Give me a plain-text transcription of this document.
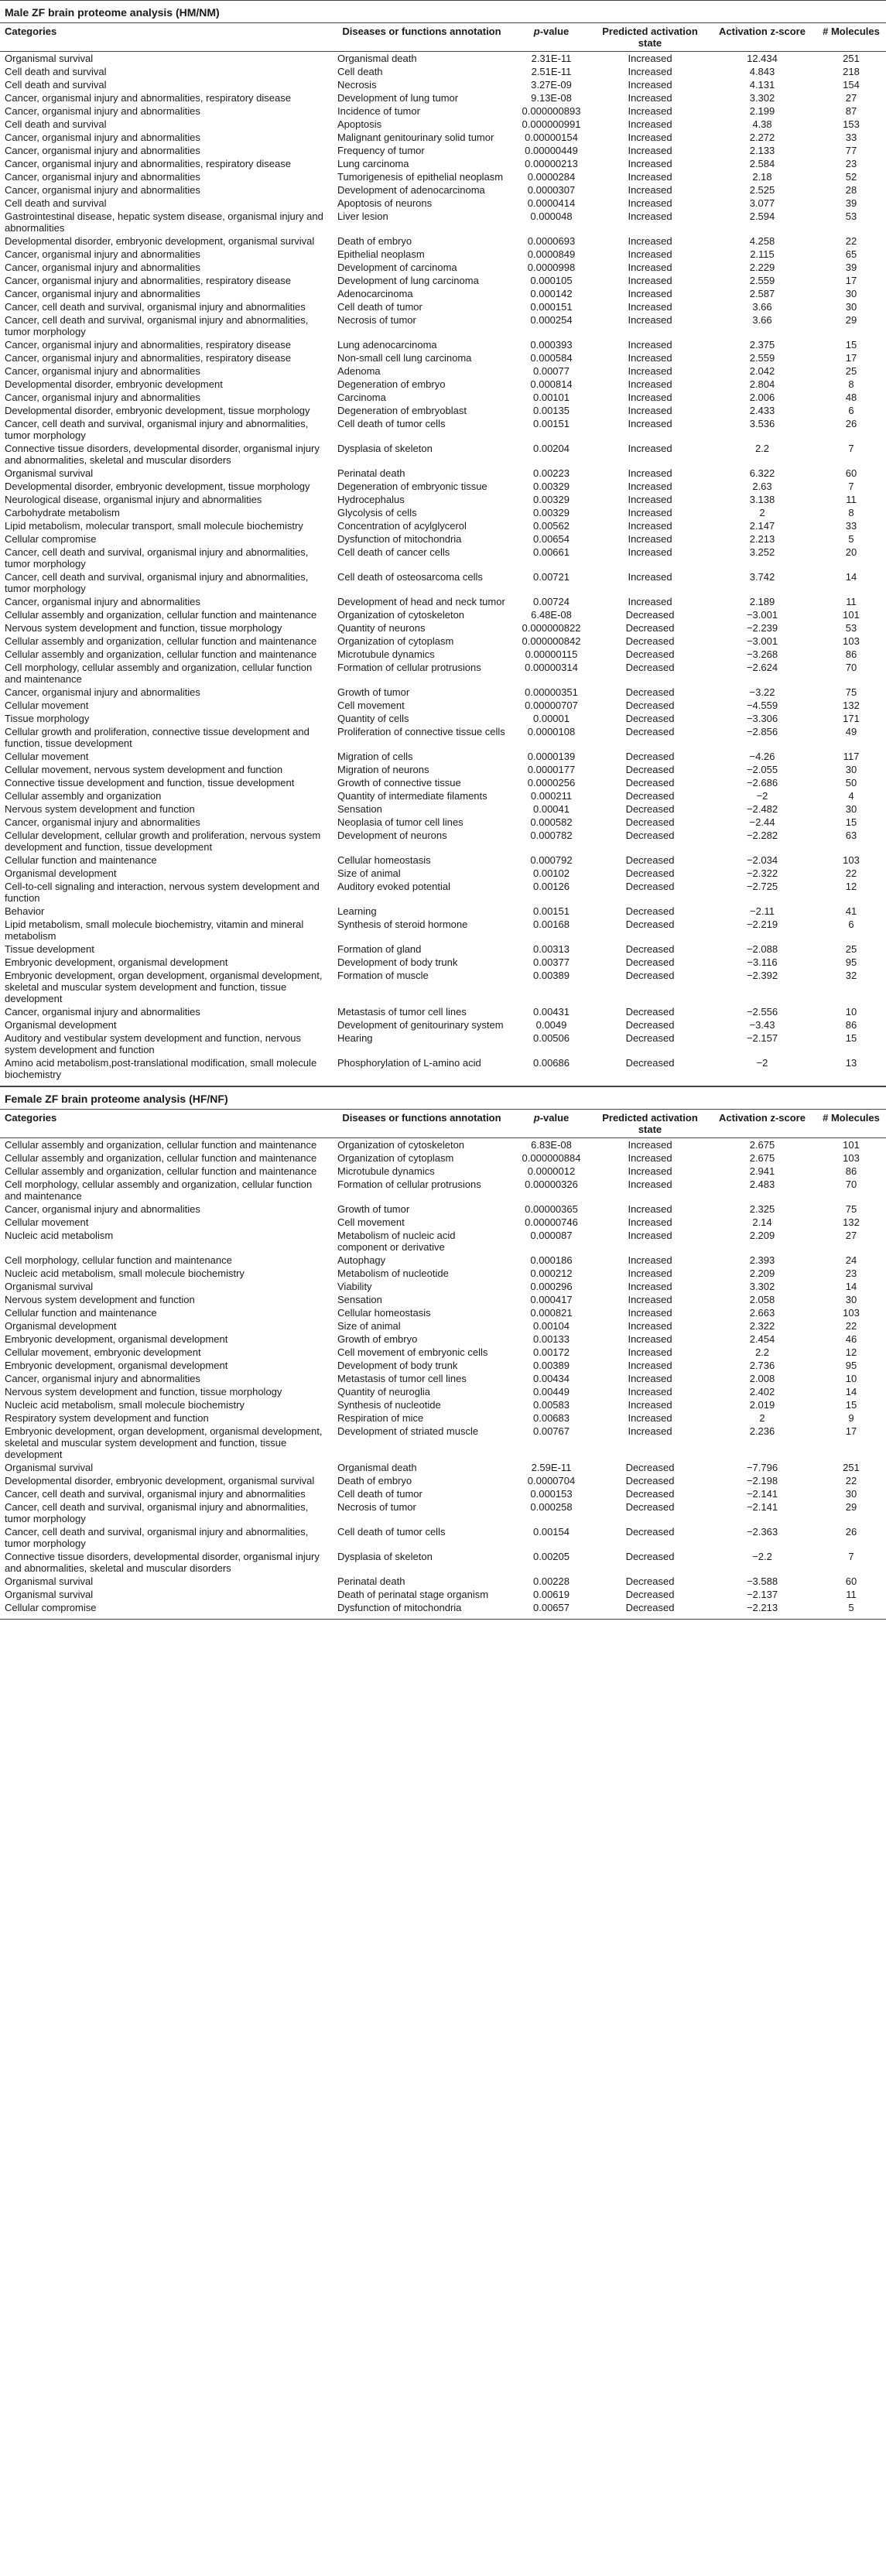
Male ZF brain proteome analysis (HM/NM)
Categories	Diseases or functions annotation	p-value	Predicted activation state	Activation z-score	# Molecules
Organismal survival	Organismal death	2.31E-11	Increased	12.434	251
Cell death and survival	Cell death	2.51E-11	Increased	4.843	218
Cell death and survival	Necrosis	3.27E-09	Increased	4.131	154
Cancer, organismal injury and abnormalities, respiratory disease	Development of lung tumor	9.13E-08	Increased	3.302	27
Cancer, organismal injury and abnormalities	Incidence of tumor	0.000000893	Increased	2.199	87
Cell death and survival	Apoptosis	0.000000991	Increased	4.38	153
Cancer, organismal injury and abnormalities	Malignant genitourinary solid tumor	0.00000154	Increased	2.272	33
Cancer, organismal injury and abnormalities	Frequency of tumor	0.00000449	Increased	2.133	77
Cancer, organismal injury and abnormalities, respiratory disease	Lung carcinoma	0.00000213	Increased	2.584	23
Cancer, organismal injury and abnormalities	Tumorigenesis of epithelial neoplasm	0.0000284	Increased	2.18	52
Cancer, organismal injury and abnormalities	Development of adenocarcinoma	0.0000307	Increased	2.525	28
Cell death and survival	Apoptosis of neurons	0.0000414	Increased	3.077	39
Gastrointestinal disease, hepatic system disease, organismal injury and abnormalities	Liver lesion	0.000048	Increased	2.594	53
Developmental disorder, embryonic development, organismal survival	Death of embryo	0.0000693	Increased	4.258	22
Cancer, organismal injury and abnormalities	Epithelial neoplasm	0.0000849	Increased	2.115	65
Cancer, organismal injury and abnormalities	Development of carcinoma	0.0000998	Increased	2.229	39
Cancer, organismal injury and abnormalities, respiratory disease	Development of lung carcinoma	0.000105	Increased	2.559	17
Cancer, organismal injury and abnormalities	Adenocarcinoma	0.000142	Increased	2.587	30
Cancer, cell death and survival, organismal injury and abnormalities	Cell death of tumor	0.000151	Increased	3.66	30
Cancer, cell death and survival, organismal injury and abnormalities, tumor morphology	Necrosis of tumor	0.000254	Increased	3.66	29
Cancer, organismal injury and abnormalities, respiratory disease	Lung adenocarcinoma	0.000393	Increased	2.375	15
Cancer, organismal injury and abnormalities, respiratory disease	Non-small cell lung carcinoma	0.000584	Increased	2.559	17
Cancer, organismal injury and abnormalities	Adenoma	0.00077	Increased	2.042	25
Developmental disorder, embryonic development	Degeneration of embryo	0.000814	Increased	2.804	8
Cancer, organismal injury and abnormalities	Carcinoma	0.00101	Increased	2.006	48
Developmental disorder, embryonic development, tissue morphology	Degeneration of embryoblast	0.00135	Increased	2.433	6
Cancer, cell death and survival, organismal injury and abnormalities, tumor morphology	Cell death of tumor cells	0.00151	Increased	3.536	26
Connective tissue disorders, developmental disorder, organismal injury and abnormalities, skeletal and muscular disorders	Dysplasia of skeleton	0.00204	Increased	2.2	7
Organismal survival	Perinatal death	0.00223	Increased	6.322	60
Developmental disorder, embryonic development, tissue morphology	Degeneration of embryonic tissue	0.00329	Increased	2.63	7
Neurological disease, organismal injury and abnormalities	Hydrocephalus	0.00329	Increased	3.138	11
Carbohydrate metabolism	Glycolysis of cells	0.00329	Increased	2	8
Lipid metabolism, molecular transport, small molecule biochemistry	Concentration of acylglycerol	0.00562	Increased	2.147	33
Cellular compromise	Dysfunction of mitochondria	0.00654	Increased	2.213	5
Cancer, cell death and survival, organismal injury and abnormalities, tumor morphology	Cell death of cancer cells	0.00661	Increased	3.252	20
Cancer, cell death and survival, organismal injury and abnormalities, tumor morphology	Cell death of osteosarcoma cells	0.00721	Increased	3.742	14
Cancer, organismal injury and abnormalities	Development of head and neck tumor	0.00724	Increased	2.189	11
Cellular assembly and organization, cellular function and maintenance	Organization of cytoskeleton	6.48E-08	Decreased	−3.001	101
Nervous system development and function, tissue morphology	Quantity of neurons	0.000000822	Decreased	−2.239	53
Cellular assembly and organization, cellular function and maintenance	Organization of cytoplasm	0.000000842	Decreased	−3.001	103
Cellular assembly and organization, cellular function and maintenance	Microtubule dynamics	0.00000115	Decreased	−3.268	86
Cell morphology, cellular assembly and organization, cellular function and maintenance	Formation of cellular protrusions	0.00000314	Decreased	−2.624	70
Cancer, organismal injury and abnormalities	Growth of tumor	0.00000351	Decreased	−3.22	75
Cellular movement	Cell movement	0.00000707	Decreased	−4.559	132
Tissue morphology	Quantity of cells	0.00001	Decreased	−3.306	171
Cellular growth and proliferation, connective tissue development and function, tissue development	Proliferation of connective tissue cells	0.0000108	Decreased	−2.856	49
Cellular movement	Migration of cells	0.0000139	Decreased	−4.26	117
Cellular movement, nervous system development and function	Migration of neurons	0.0000177	Decreased	−2.055	30
Connective tissue development and function, tissue development	Growth of connective tissue	0.0000256	Decreased	−2.686	50
Cellular assembly and organization	Quantity of intermediate filaments	0.000211	Decreased	−2	4
Nervous system development and function	Sensation	0.00041	Decreased	−2.482	30
Cancer, organismal injury and abnormalities	Neoplasia of tumor cell lines	0.000582	Decreased	−2.44	15
Cellular development, cellular growth and proliferation, nervous system development and function, tissue development	Development of neurons	0.000782	Decreased	−2.282	63
Cellular function and maintenance	Cellular homeostasis	0.000792	Decreased	−2.034	103
Organismal development	Size of animal	0.00102	Decreased	−2.322	22
Cell-to-cell signaling and interaction, nervous system development and function	Auditory evoked potential	0.00126	Decreased	−2.725	12
Behavior	Learning	0.00151	Decreased	−2.11	41
Lipid metabolism, small molecule biochemistry, vitamin and mineral metabolism	Synthesis of steroid hormone	0.00168	Decreased	−2.219	6
Tissue development	Formation of gland	0.00313	Decreased	−2.088	25
Embryonic development, organismal development	Development of body trunk	0.00377	Decreased	−3.116	95
Embryonic development, organ development, organismal development, skeletal and muscular system development and function, tissue development	Formation of muscle	0.00389	Decreased	−2.392	32
Cancer, organismal injury and abnormalities	Metastasis of tumor cell lines	0.00431	Decreased	−2.556	10
Organismal development	Development of genitourinary system	0.0049	Decreased	−3.43	86
Auditory and vestibular system development and function, nervous system development and function	Hearing	0.00506	Decreased	−2.157	15
Amino acid metabolism,post-translational modification, small molecule biochemistry	Phosphorylation of L-amino acid	0.00686	Decreased	−2	13
Female ZF brain proteome analysis (HF/NF)
Categories	Diseases or functions annotation	p-value	Predicted activation state	Activation z-score	# Molecules
Cellular assembly and organization, cellular function and maintenance	Organization of cytoskeleton	6.83E-08	Increased	2.675	101
Cellular assembly and organization, cellular function and maintenance	Organization of cytoplasm	0.000000884	Increased	2.675	103
Cellular assembly and organization, cellular function and maintenance	Microtubule dynamics	0.0000012	Increased	2.941	86
Cell morphology, cellular assembly and organization, cellular function and maintenance	Formation of cellular protrusions	0.00000326	Increased	2.483	70
Cancer, organismal injury and abnormalities	Growth of tumor	0.00000365	Increased	2.325	75
Cellular movement	Cell movement	0.00000746	Increased	2.14	132
Nucleic acid metabolism	Metabolism of nucleic acid component or derivative	0.000087	Increased	2.209	27
Cell morphology, cellular function and maintenance	Autophagy	0.000186	Increased	2.393	24
Nucleic acid metabolism, small molecule biochemistry	Metabolism of nucleotide	0.000212	Increased	2.209	23
Organismal survival	Viability	0.000296	Increased	3.302	14
Nervous system development and function	Sensation	0.000417	Increased	2.058	30
Cellular function and maintenance	Cellular homeostasis	0.000821	Increased	2.663	103
Organismal development	Size of animal	0.00104	Increased	2.322	22
Embryonic development, organismal development	Growth of embryo	0.00133	Increased	2.454	46
Cellular movement, embryonic development	Cell movement of embryonic cells	0.00172	Increased	2.2	12
Embryonic development, organismal development	Development of body trunk	0.00389	Increased	2.736	95
Cancer, organismal injury and abnormalities	Metastasis of tumor cell lines	0.00434	Increased	2.008	10
Nervous system development and function, tissue morphology	Quantity of neuroglia	0.00449	Increased	2.402	14
Nucleic acid metabolism, small molecule biochemistry	Synthesis of nucleotide	0.00583	Increased	2.019	15
Respiratory system development and function	Respiration of mice	0.00683	Increased	2	9
Embryonic development, organ development, organismal development, skeletal and muscular system development and function, tissue development	Development of striated muscle	0.00767	Increased	2.236	17
Organismal survival	Organismal death	2.59E-11	Decreased	−7.796	251
Developmental disorder, embryonic development, organismal survival	Death of embryo	0.0000704	Decreased	−2.198	22
Cancer, cell death and survival, organismal injury and abnormalities	Cell death of tumor	0.000153	Decreased	−2.141	30
Cancer, cell death and survival, organismal injury and abnormalities, tumor morphology	Necrosis of tumor	0.000258	Decreased	−2.141	29
Cancer, cell death and survival, organismal injury and abnormalities, tumor morphology	Cell death of tumor cells	0.00154	Decreased	−2.363	26
Connective tissue disorders, developmental disorder, organismal injury and abnormalities, skeletal and muscular disorders	Dysplasia of skeleton	0.00205	Decreased	−2.2	7
Organismal survival	Perinatal death	0.00228	Decreased	−3.588	60
Organismal survival	Death of perinatal stage organism	0.00619	Decreased	−2.137	11
Cellular compromise	Dysfunction of mitochondria	0.00657	Decreased	−2.213	5
